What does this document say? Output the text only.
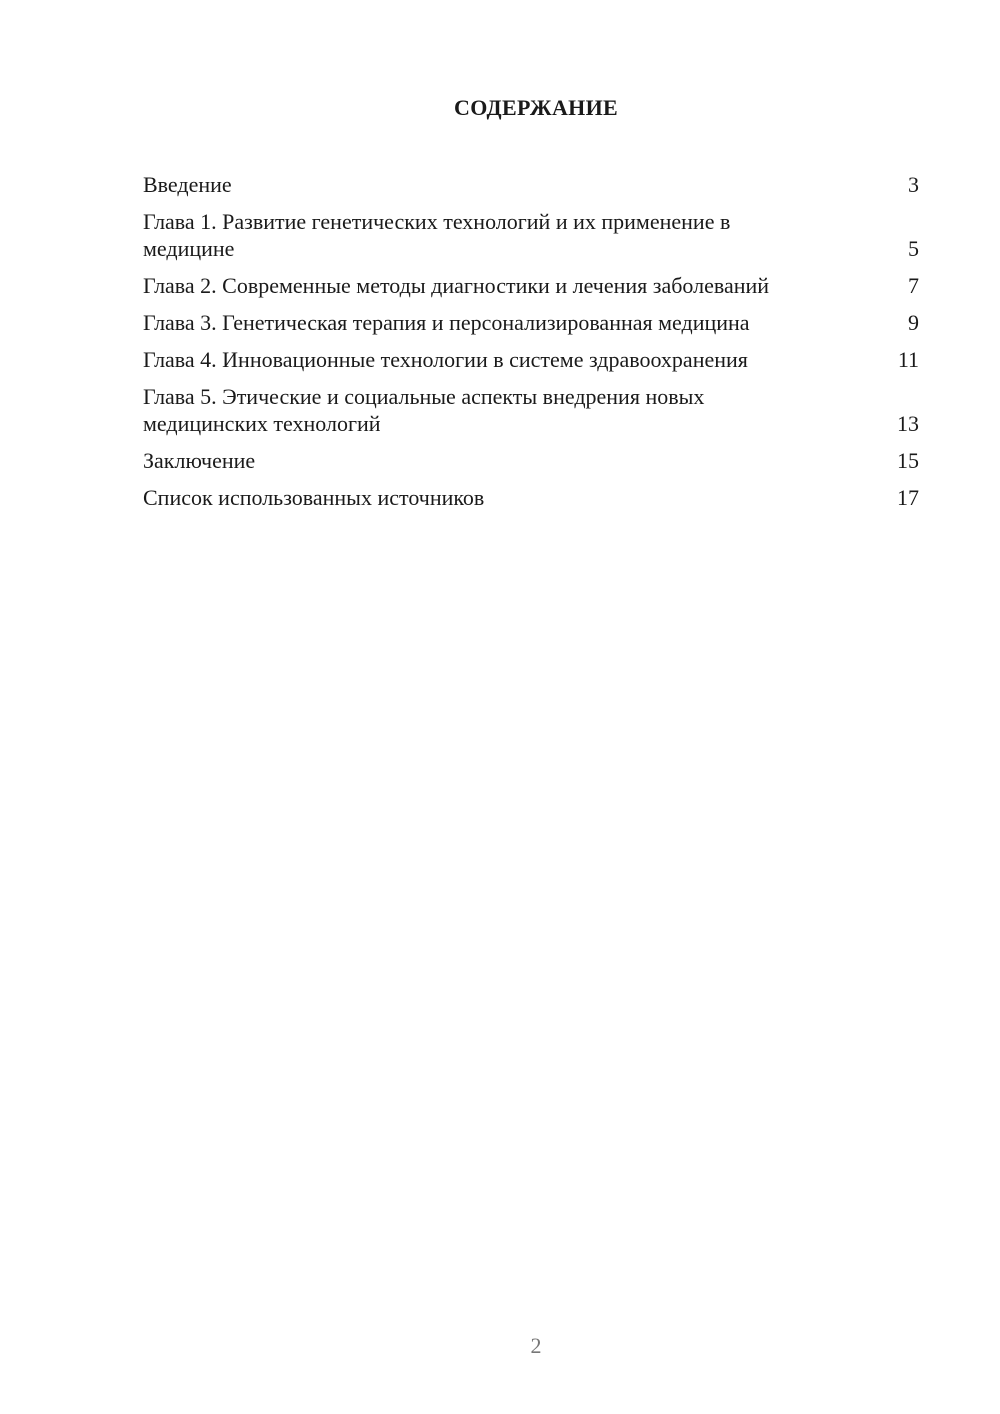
СОДЕРЖАНИЕ
Введение	3
Глава 1. Развитие генетических технологий и их применение в медицине	5
Глава 2. Современные методы диагностики и лечения заболеваний	7
Глава 3. Генетическая терапия и персонализированная медицина	9
Глава 4. Инновационные технологии в системе здравоохранения	11
Глава 5. Этические и социальные аспекты внедрения новых медицинских технологий	13
Заключение	15
Список использованных источников	17

2
